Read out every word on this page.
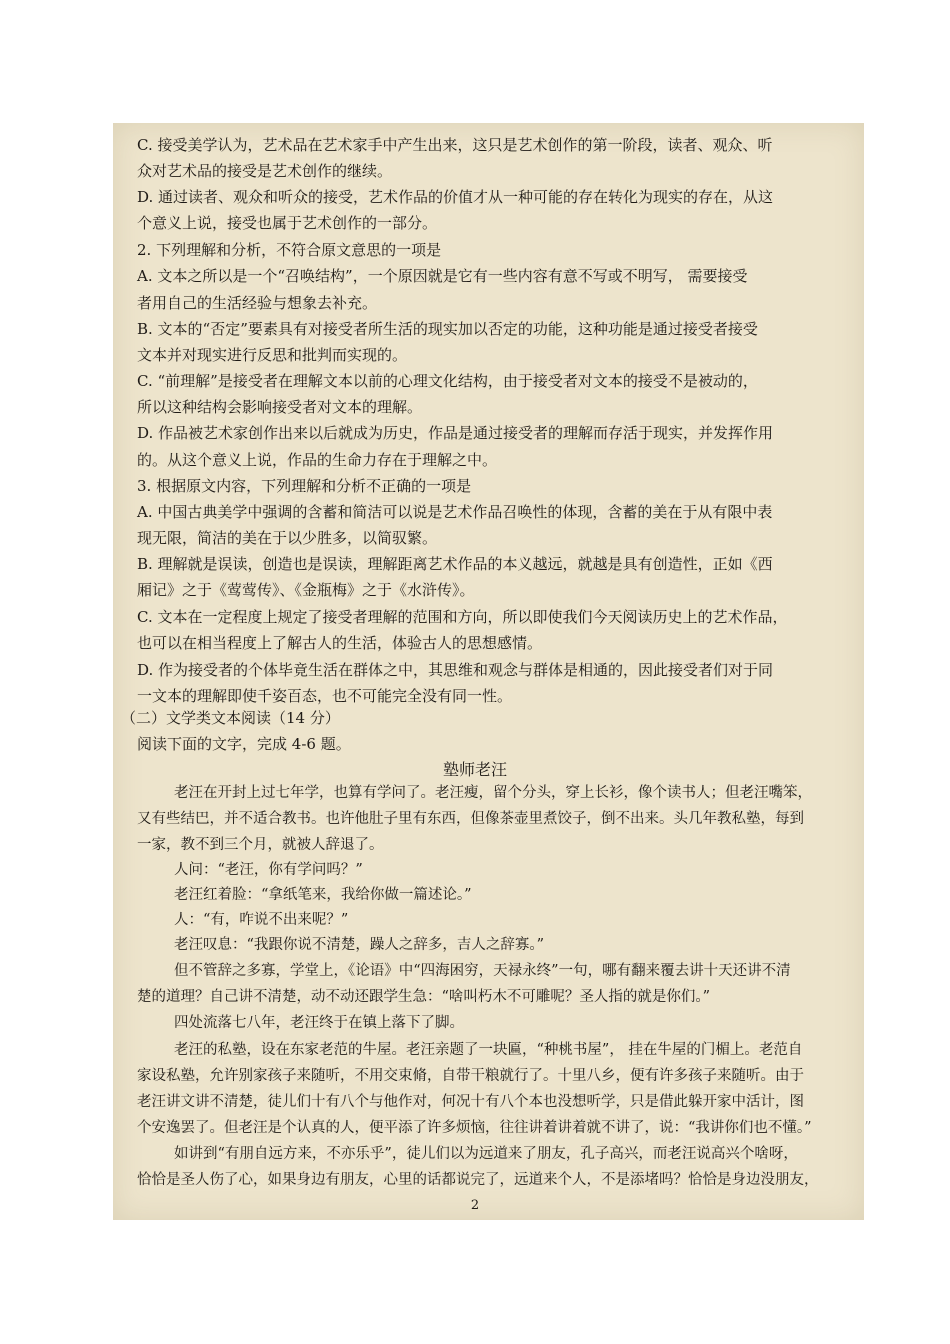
C. 接受美学认为，艺术品在艺术家手中产生出来，这只是艺术创作的第一阶段，读者、观众、听
众对艺术品的接受是艺术创作的继续。
D. 通过读者、观众和听众的接受，艺术作品的价值才从一种可能的存在转化为现实的存在，从这
个意义上说，接受也属于艺术创作的一部分。
2. 下列理解和分析，不符合原文意思的一项是
A. 文本之所以是一个“召唤结构”，一个原因就是它有一些内容有意不写或不明写， 需要接受
者用自己的生活经验与想象去补充。
B. 文本的“否定”要素具有对接受者所生活的现实加以否定的功能，这种功能是通过接受者接受
文本并对现实进行反思和批判而实现的。
C. “前理解”是接受者在理解文本以前的心理文化结构，由于接受者对文本的接受不是被动的，
所以这种结构会影响接受者对文本的理解。
D. 作品被艺术家创作出来以后就成为历史，作品是通过接受者的理解而存活于现实，并发挥作用
的。从这个意义上说，作品的生命力存在于理解之中。
3. 根据原文内容，下列理解和分析不正确的一项是
A. 中国古典美学中强调的含蓄和简洁可以说是艺术作品召唤性的体现，含蓄的美在于从有限中表
现无限，简洁的美在于以少胜多，以简驭繁。
B. 理解就是误读，创造也是误读，理解距离艺术作品的本义越远，就越是具有创造性，正如《西
厢记》之于《莺莺传》、《金瓶梅》之于《水浒传》。
C. 文本在一定程度上规定了接受者理解的范围和方向，所以即使我们今天阅读历史上的艺术作品，
也可以在相当程度上了解古人的生活，体验古人的思想感情。
D. 作为接受者的个体毕竟生活在群体之中，其思维和观念与群体是相通的，因此接受者们对于同
一文本的理解即使千姿百态，也不可能完全没有同一性。
（二）文学类文本阅读（14 分）
阅读下面的文字，完成 4-6 题。
塾师老汪
老汪在开封上过七年学，也算有学问了。老汪瘦，留个分头，穿上长衫，像个读书人；但老汪嘴笨，
又有些结巴，并不适合教书。也许他肚子里有东西，但像茶壶里煮饺子，倒不出来。头几年教私塾，每到
一家，教不到三个月，就被人辞退了。
人问：“老汪，你有学问吗？”
老汪红着脸：“拿纸笔来，我给你做一篇述论。”
人：“有，咋说不出来呢？”
老汪叹息：“我跟你说不清楚，躁人之辞多，吉人之辞寡。”
但不管辞之多寡，学堂上，《论语》中“四海困穷，天禄永终”一句，哪有翻来覆去讲十天还讲不清
楚的道理？自己讲不清楚，动不动还跟学生急：“啥叫朽木不可雕呢？圣人指的就是你们。”
四处流落七八年，老汪终于在镇上落下了脚。
老汪的私塾，设在东家老范的牛屋。老汪亲题了一块匾，“种桃书屋”， 挂在牛屋的门楣上。老范自
家设私塾，允许别家孩子来随听，不用交束脩，自带干粮就行了。十里八乡，便有许多孩子来随听。由于
老汪讲文讲不清楚，徒儿们十有八个与他作对，何况十有八个本也没想听学，只是借此躲开家中活计，图
个安逸罢了。但老汪是个认真的人，便平添了许多烦恼，往往讲着讲着就不讲了，说：“我讲你们也不懂。”
如讲到“有朋自远方来，不亦乐乎”，徒儿们以为远道来了朋友，孔子高兴，而老汪说高兴个啥呀，
恰恰是圣人伤了心，如果身边有朋友，心里的话都说完了，远道来个人，不是添堵吗？恰恰是身边没朋友，
2
